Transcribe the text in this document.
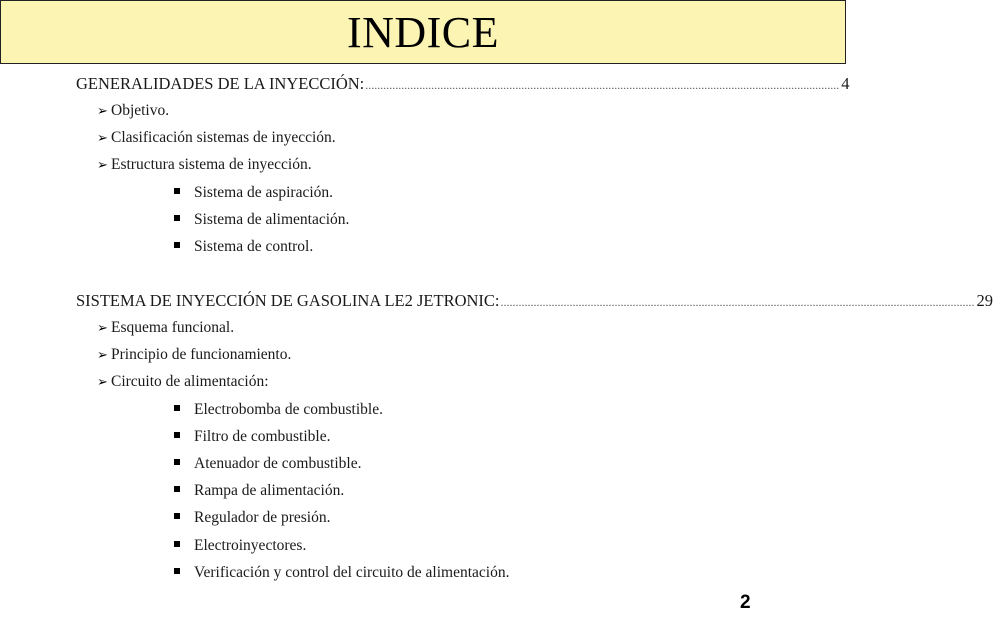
INDICE
GENERALIDADES DE LA INYECCIÓN: .............................................................................................................................................................. 4
➢ Objetivo.
➢ Clasificación sistemas de inyección.
➢ Estructura sistema de inyección.
Sistema de aspiración.
Sistema de alimentación.
Sistema de control.
SISTEMA DE INYECCIÓN DE GASOLINA LE2 JETRONIC: .............................................................................................................................................................. 29
➢ Esquema funcional.
➢ Principio de funcionamiento.
➢ Circuito de alimentación:
Electrobomba de combustible.
Filtro de combustible.
Atenuador de combustible.
Rampa de alimentación.
Regulador de presión.
Electroinyectores.
Verificación y control del circuito de alimentación.
2
